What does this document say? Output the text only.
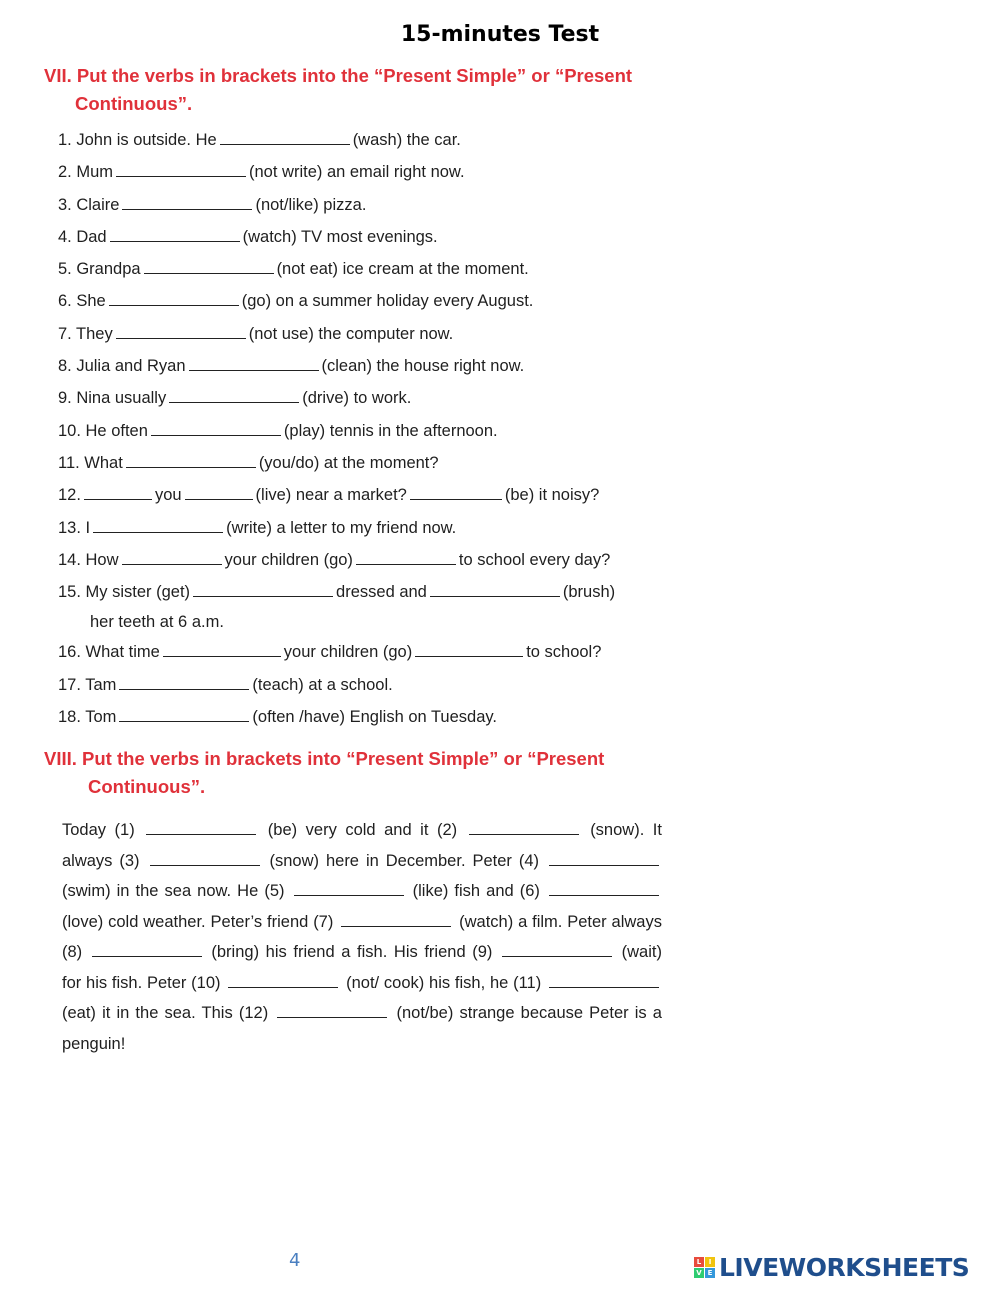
15-minutes Test
VII. Put the verbs in brackets into the “Present Simple” or “Present
Continuous”.
1. John is outside. He	(wash) the car.
2. Mum	(not write) an email right now.
3. Claire	(not/like) pizza.
4. Dad	(watch) TV most evenings.
5. Grandpa	(not eat) ice cream at the moment.
6. She	(go) on a summer holiday every August.
7. They	(not use) the computer now.
8. Julia and Ryan	(clean) the house right now.
9. Nina usually	(drive) to work.
10. He often	(play) tennis in the afternoon.
11. What	(you/do) at the moment?
12.	you	(live) near a market?	(be) it noisy?
13. I	(write) a letter to my friend now.
14. How	your children (go)	to school every day?
15. My sister (get)	dressed and	(brush)
her teeth at 6 a.m.
16. What time	your children (go)	to school?
17. Tam	(teach) at a school.
18. Tom	(often /have) English on Tuesday.
VIII. Put the verbs in brackets into “Present Simple” or “Present
Continuous”.
Today (1)	(be) very cold and it (2)	(snow). It always (3)	(snow) here in December. Peter (4)  (swim) in the sea now. He (5)	(like) fish and (6)  (love) cold weather. Peter’s friend (7)	(watch) a film. Peter always (8)	(bring) his friend a fish. His friend (9)	(wait) for his fish. Peter (10)	(not/ cook) his fish, he (11)  (eat) it in the sea. This (12)	(not/be) strange because Peter is a penguin!
4	L	I
V E LIVEWORKSHEETS
